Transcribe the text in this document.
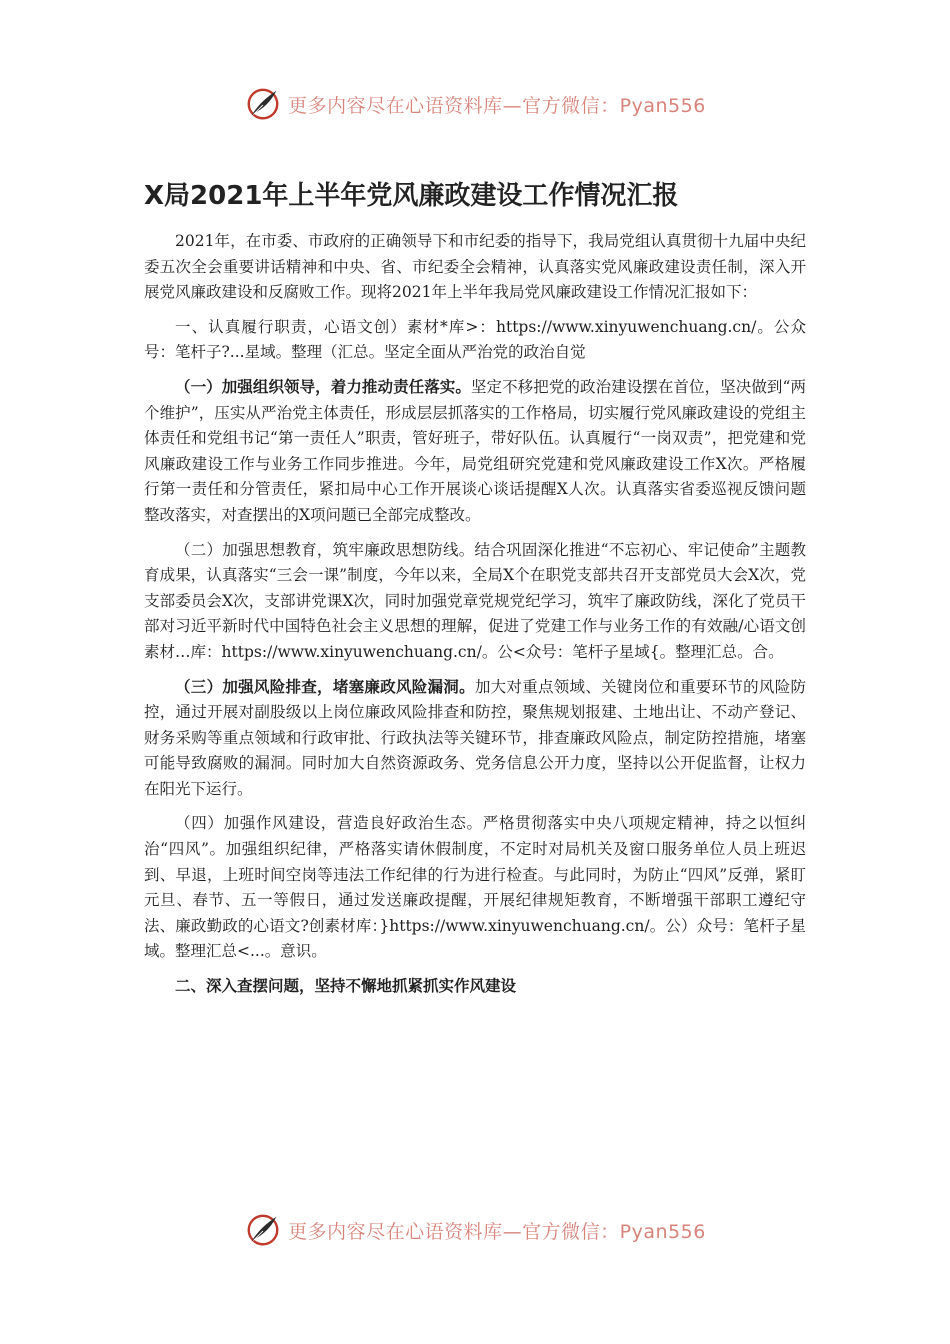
更多内容尽在心语资料库—官方微信：Pyan556
X局2021年上半年党风廉政建设工作情况汇报

2021年，在市委、市政府的正确领导下和市纪委的指导下，我局党组认真贯彻十九届中央纪委五次全会重要讲话精神和中央、省、市纪委全会精神，认真落实党风廉政建设责任制，深入开展党风廉政建设和反腐败工作。现将2021年上半年我局党风廉政建设工作情况汇报如下：

一、认真履行职责，心语文创）素材*库>：https://www.xinyuwenchuang.cn/。公众号：笔杆子?...星域。整理（汇总。坚定全面从严治党的政治自觉

（一）加强组织领导，着力推动责任落实。坚定不移把党的政治建设摆在首位，坚决做到“两个维护”，压实从严治党主体责任，形成层层抓落实的工作格局，切实履行党风廉政建设的党组主体责任和党组书记“第一责任人”职责，管好班子，带好队伍。认真履行“一岗双责”，把党建和党风廉政建设工作与业务工作同步推进。今年，局党组研究党建和党风廉政建设工作X次。严格履行第一责任和分管责任，紧扣局中心工作开展谈心谈话提醒X人次。认真落实省委巡视反馈问题整改落实，对查摆出的X项问题已全部完成整改。

（二）加强思想教育，筑牢廉政思想防线。结合巩固深化推进“不忘初心、牢记使命”主题教育成果，认真落实“三会一课”制度，今年以来，全局X个在职党支部共召开支部党员大会X次，党支部委员会X次，支部讲党课X次，同时加强党章党规党纪学习，筑牢了廉政防线，深化了党员干部对习近平新时代中国特色社会主义思想的理解，促进了党建工作与业务工作的有效融/心语文创素材…库：https://www.xinyuwenchuang.cn/。公<众号：笔杆子星域{。整理汇总。合。

（三）加强风险排查，堵塞廉政风险漏洞。加大对重点领域、关键岗位和重要环节的风险防控，通过开展对副股级以上岗位廉政风险排查和防控，聚焦规划报建、土地出让、不动产登记、财务采购等重点领域和行政审批、行政执法等关键环节，排查廉政风险点，制定防控措施，堵塞可能导致腐败的漏洞。同时加大自然资源政务、党务信息公开力度，坚持以公开促监督，让权力在阳光下运行。

（四）加强作风建设，营造良好政治生态。严格贯彻落实中央八项规定精神，持之以恒纠治“四风”。加强组织纪律，严格落实请休假制度，不定时对局机关及窗口服务单位人员上班迟到、早退，上班时间空岗等违法工作纪律的行为进行检查。与此同时，为防止“四风”反弹，紧盯元旦、春节、五一等假日，通过发送廉政提醒，开展纪律规矩教育，不断增强干部职工遵纪守法、廉政勤政的心语文?创素材库：}https://www.xinyuwenchuang.cn/。公）众号：笔杆子星域。整理汇总<...。意识。

二、深入查摆问题，坚持不懈地抓紧抓实作风建设

更多内容尽在心语资料库—官方微信：Pyan556
